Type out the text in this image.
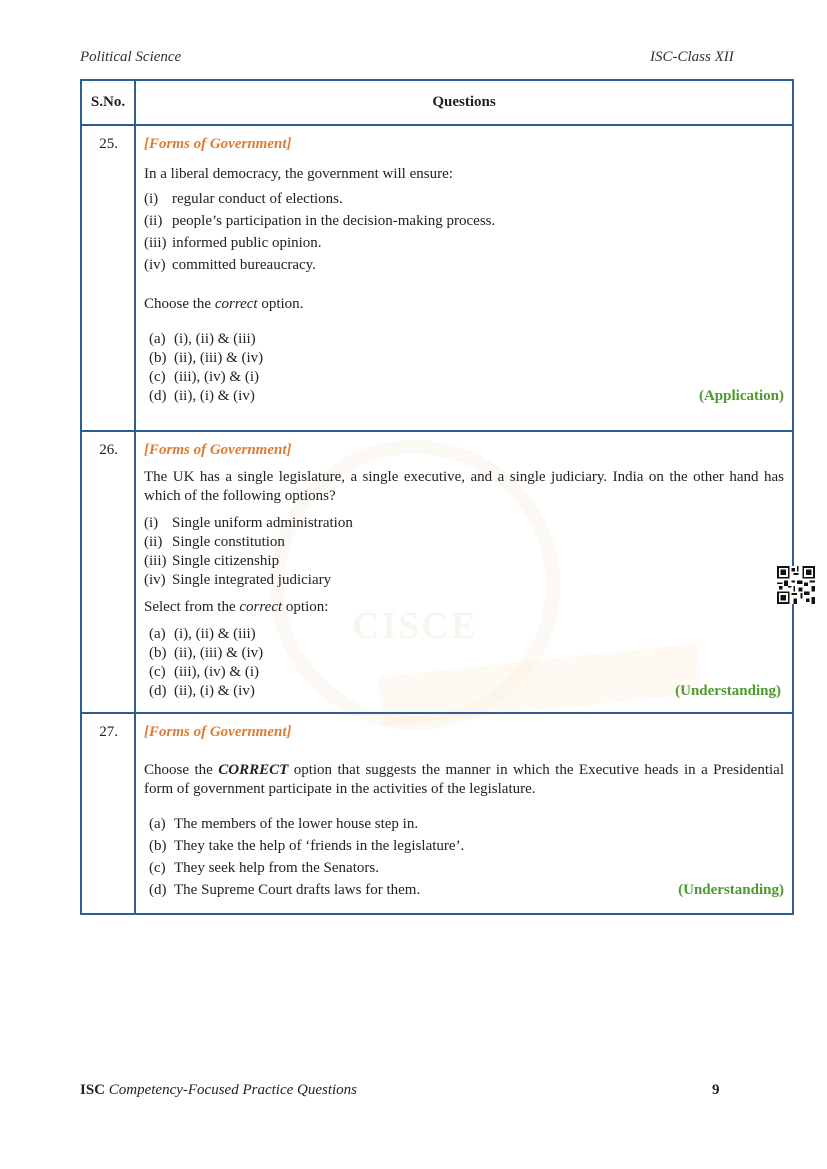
Political Science	ISC-Class XII
CISCE
S.No.	Questions
25.	[Forms of Government]

In a liberal democracy, the government will ensure:

(i) regular conduct of elections.
(ii) people’s participation in the decision-making process.
(iii) informed public opinion.
(iv) committed bureaucracy.

Choose the correct option.

(a) (i), (ii) & (iii)
(b) (ii), (iii) & (iv)
(c) (iii), (iv) & (i)
(d) (ii), (i) & (iv)	(Application)

26.	[Forms of Government]

The UK has a single legislature, a single executive, and a single judiciary. India on the other hand has which of the following options?

(i) Single uniform administration
(ii) Single constitution
(iii) Single citizenship
(iv) Single integrated judiciary

Select from the correct option:

(a) (i), (ii) & (iii)
(b) (ii), (iii) & (iv)
(c) (iii), (iv) & (i)
(d) (ii), (i) & (iv)	(Understanding)

27.	[Forms of Government]

Choose the CORRECT option that suggests the manner in which the Executive heads in a Presidential form of government participate in the activities of the legislature.

(a) The members of the lower house step in.
(b) They take the help of ‘friends in the legislature’.
(c) They seek help from the Senators.
(d) The Supreme Court drafts laws for them.	(Understanding)
ISC Competency-Focused Practice Questions	9
